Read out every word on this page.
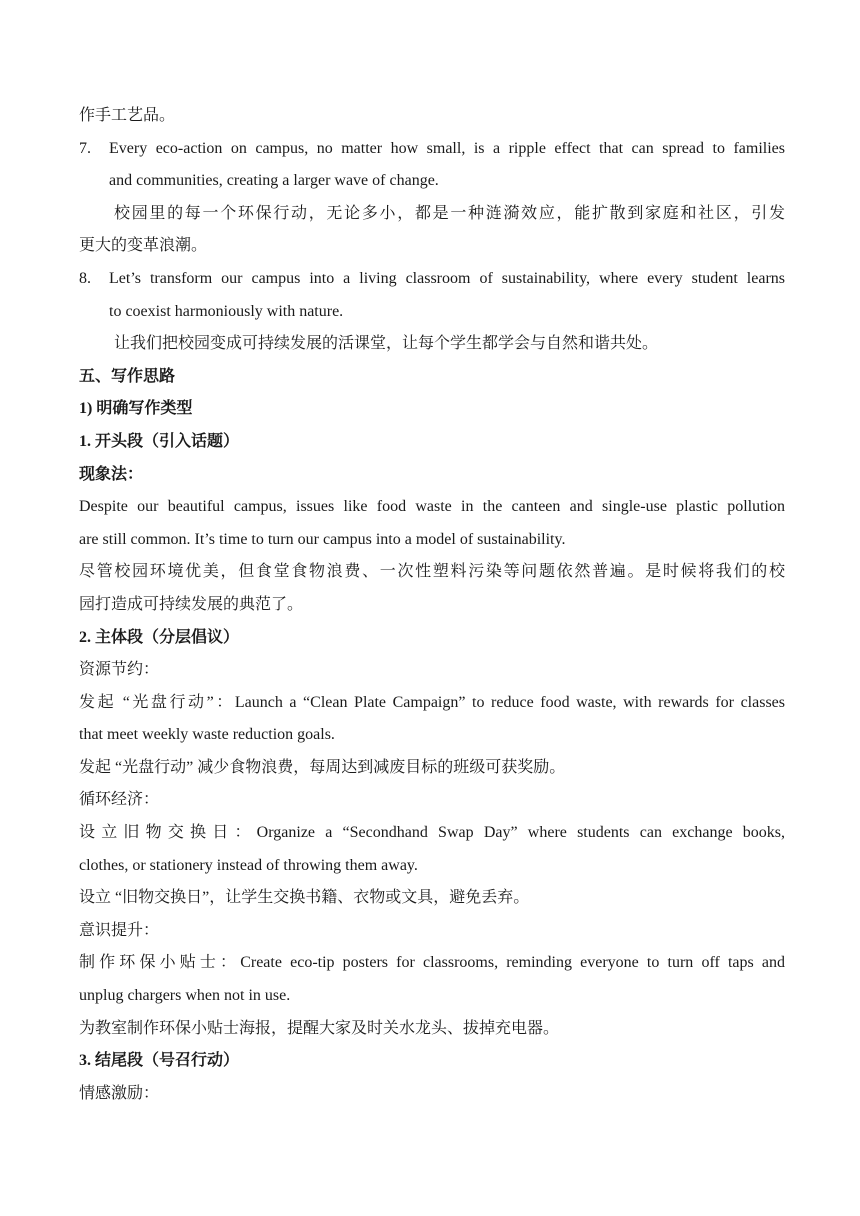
作手工艺品。

7. Every eco-action on campus, no matter how small, is a ripple effect that can spread to families

and communities, creating a larger wave of change.

校园里的每一个环保行动，无论多小，都是一种涟漪效应，能扩散到家庭和社区，引发

更大的变革浪潮。

8. Let’s transform our campus into a living classroom of sustainability, where every student learns

to coexist harmoniously with nature.

让我们把校园变成可持续发展的活课堂，让每个学生都学会与自然和谐共处。

五、写作思路

1) 明确写作类型

1. 开头段（引入话题）

现象法：

Despite our beautiful campus, issues like food waste in the canteen and single-use plastic pollution

are still common. It’s time to turn our campus into a model of sustainability.

尽管校园环境优美，但食堂食物浪费、一次性塑料污染等问题依然普遍。是时候将我们的校

园打造成可持续发展的典范了。

2. 主体段（分层倡议）

资源节约：

发起 “光盘行动”：Launch a “Clean Plate Campaign” to reduce food waste, with rewards for classes

that meet weekly waste reduction goals.

发起 “光盘行动” 减少食物浪费，每周达到减废目标的班级可获奖励。

循环经济：

设立旧物交换日：Organize a “Secondhand Swap Day” where students can exchange books,

clothes, or stationery instead of throwing them away.

设立 “旧物交换日”，让学生交换书籍、衣物或文具，避免丢弃。

意识提升：

制作环保小贴士：Create eco-tip posters for classrooms, reminding everyone to turn off taps and

unplug chargers when not in use.

为教室制作环保小贴士海报，提醒大家及时关水龙头、拔掉充电器。

3. 结尾段（号召行动）

情感激励：
